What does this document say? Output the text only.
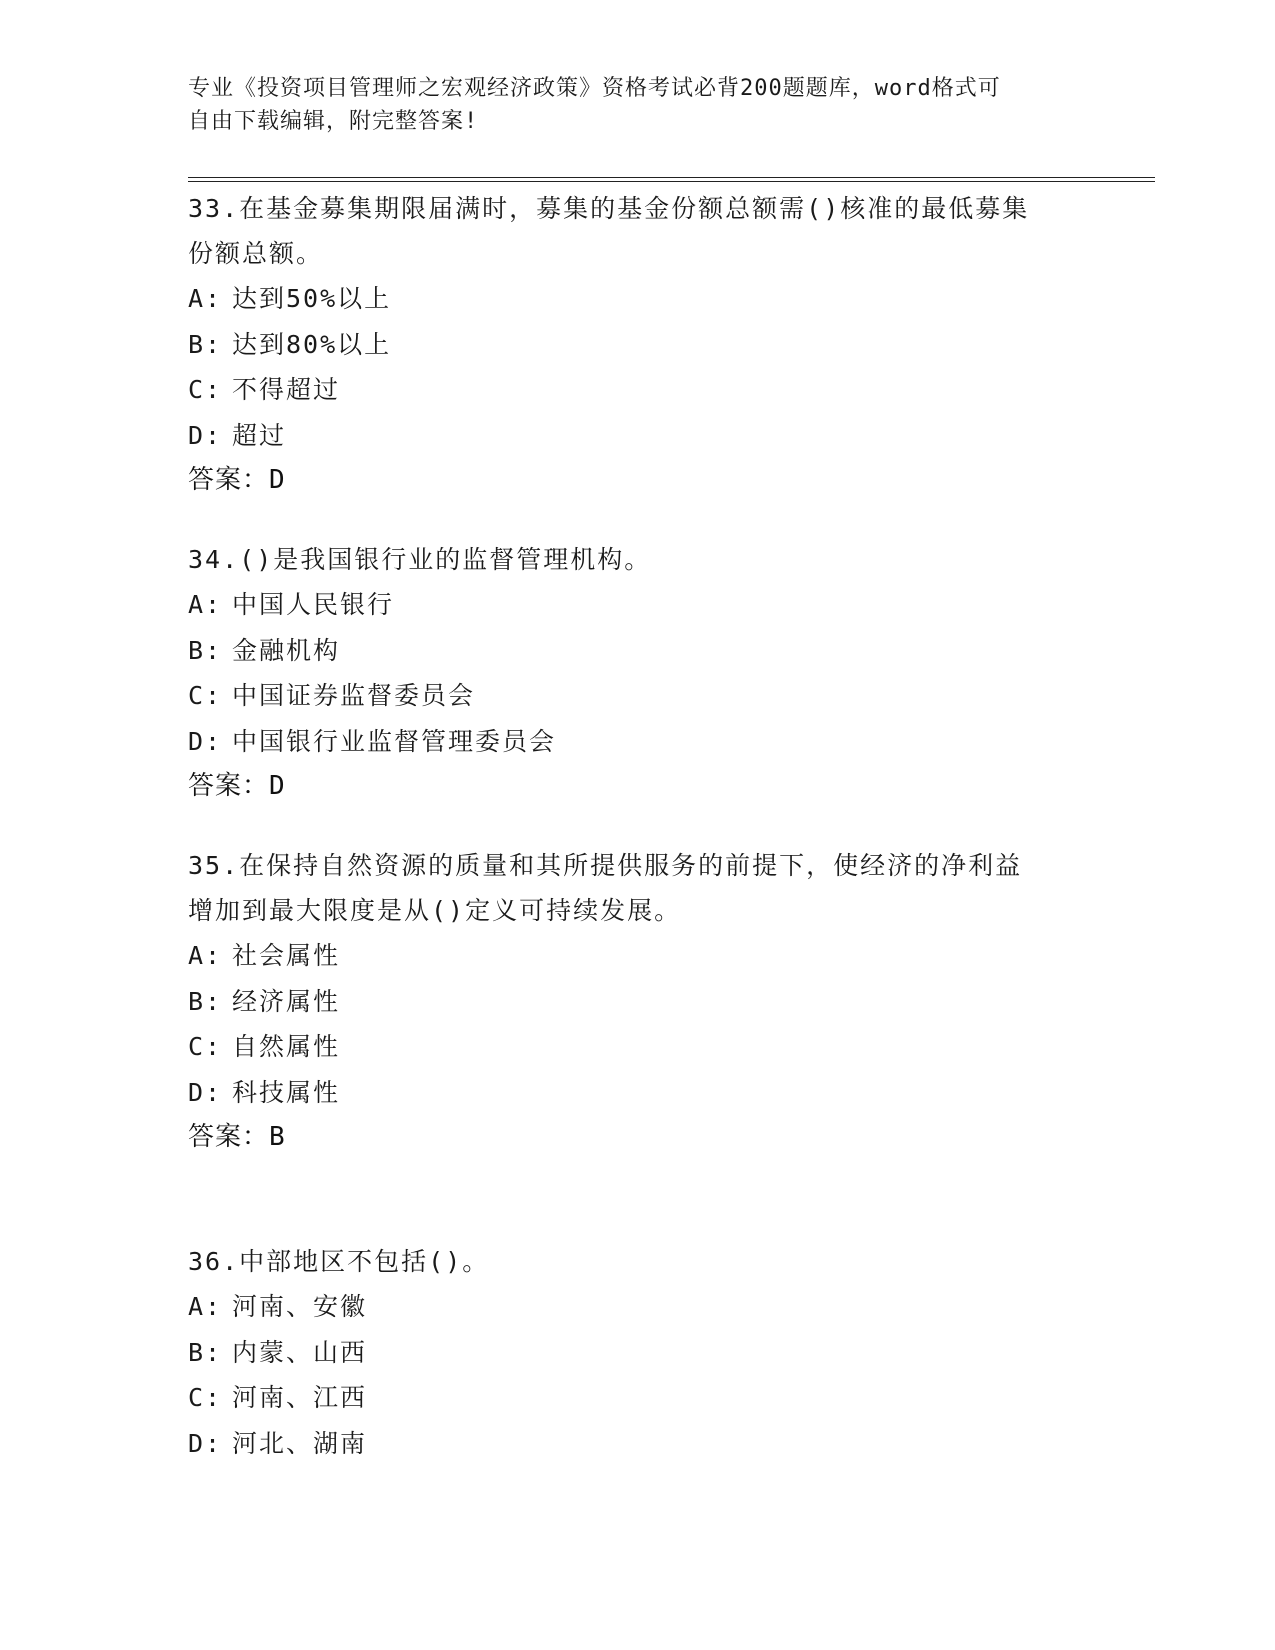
专业《投资项目管理师之宏观经济政策》资格考试必背200题题库，word格式可
自由下载编辑，附完整答案!
33.在基金募集期限届满时，募集的基金份额总额需()核准的最低募集
份额总额。
A: 达到50%以上
B: 达到80%以上
C: 不得超过
D: 超过
答案：D
34.()是我国银行业的监督管理机构。
A: 中国人民银行
B: 金融机构
C: 中国证券监督委员会
D: 中国银行业监督管理委员会
答案：D
35.在保持自然资源的质量和其所提供服务的前提下，使经济的净利益
增加到最大限度是从()定义可持续发展。
A: 社会属性
B: 经济属性
C: 自然属性
D: 科技属性
答案：B
36.中部地区不包括()。
A: 河南、安徽
B: 内蒙、山西
C: 河南、江西
D: 河北、湖南
